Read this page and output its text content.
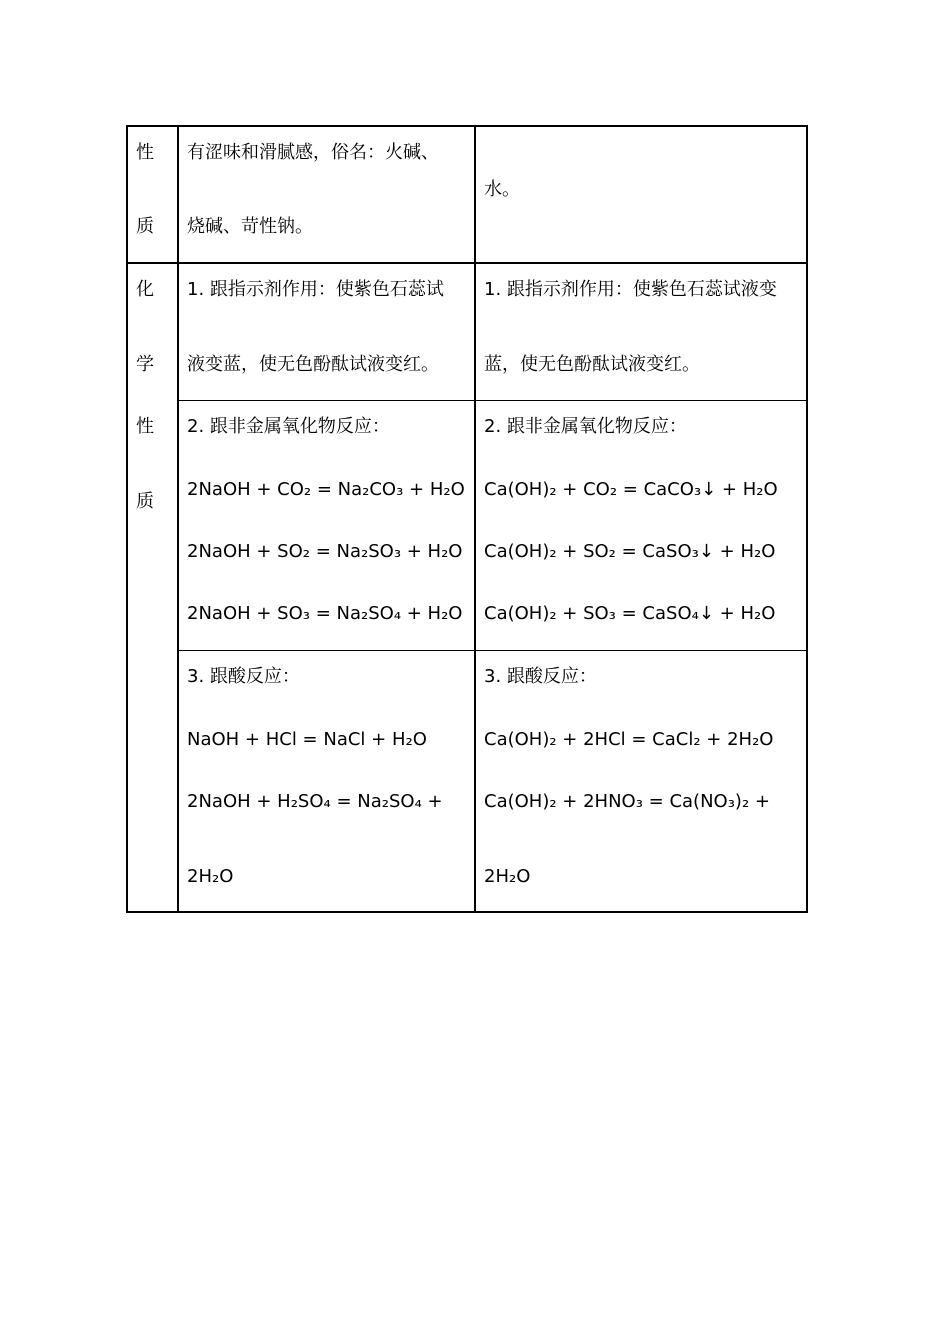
性
质
有涩味和滑腻感，俗名：火碱、
烧碱、苛性钠。
水。
化
学
性
质
1. 跟指示剂作用：使紫色石蕊试
液变蓝，使无色酚酞试液变红。
1. 跟指示剂作用：使紫色石蕊试液变
蓝，使无色酚酞试液变红。
2. 跟非金属氧化物反应：
2NaOH + CO₂ = Na₂CO₃ + H₂O
2NaOH + SO₂ = Na₂SO₃ + H₂O
2NaOH + SO₃ = Na₂SO₄ + H₂O
2. 跟非金属氧化物反应：
Ca(OH)₂ + CO₂ = CaCO₃↓ + H₂O
Ca(OH)₂ + SO₂ = CaSO₃↓ + H₂O
Ca(OH)₂ + SO₃ = CaSO₄↓ + H₂O
3. 跟酸反应：
NaOH + HCl = NaCl + H₂O
2NaOH + H₂SO₄ = Na₂SO₄ +
2H₂O
3. 跟酸反应：
Ca(OH)₂ + 2HCl = CaCl₂ + 2H₂O
Ca(OH)₂ + 2HNO₃ = Ca(NO₃)₂ +
2H₂O
